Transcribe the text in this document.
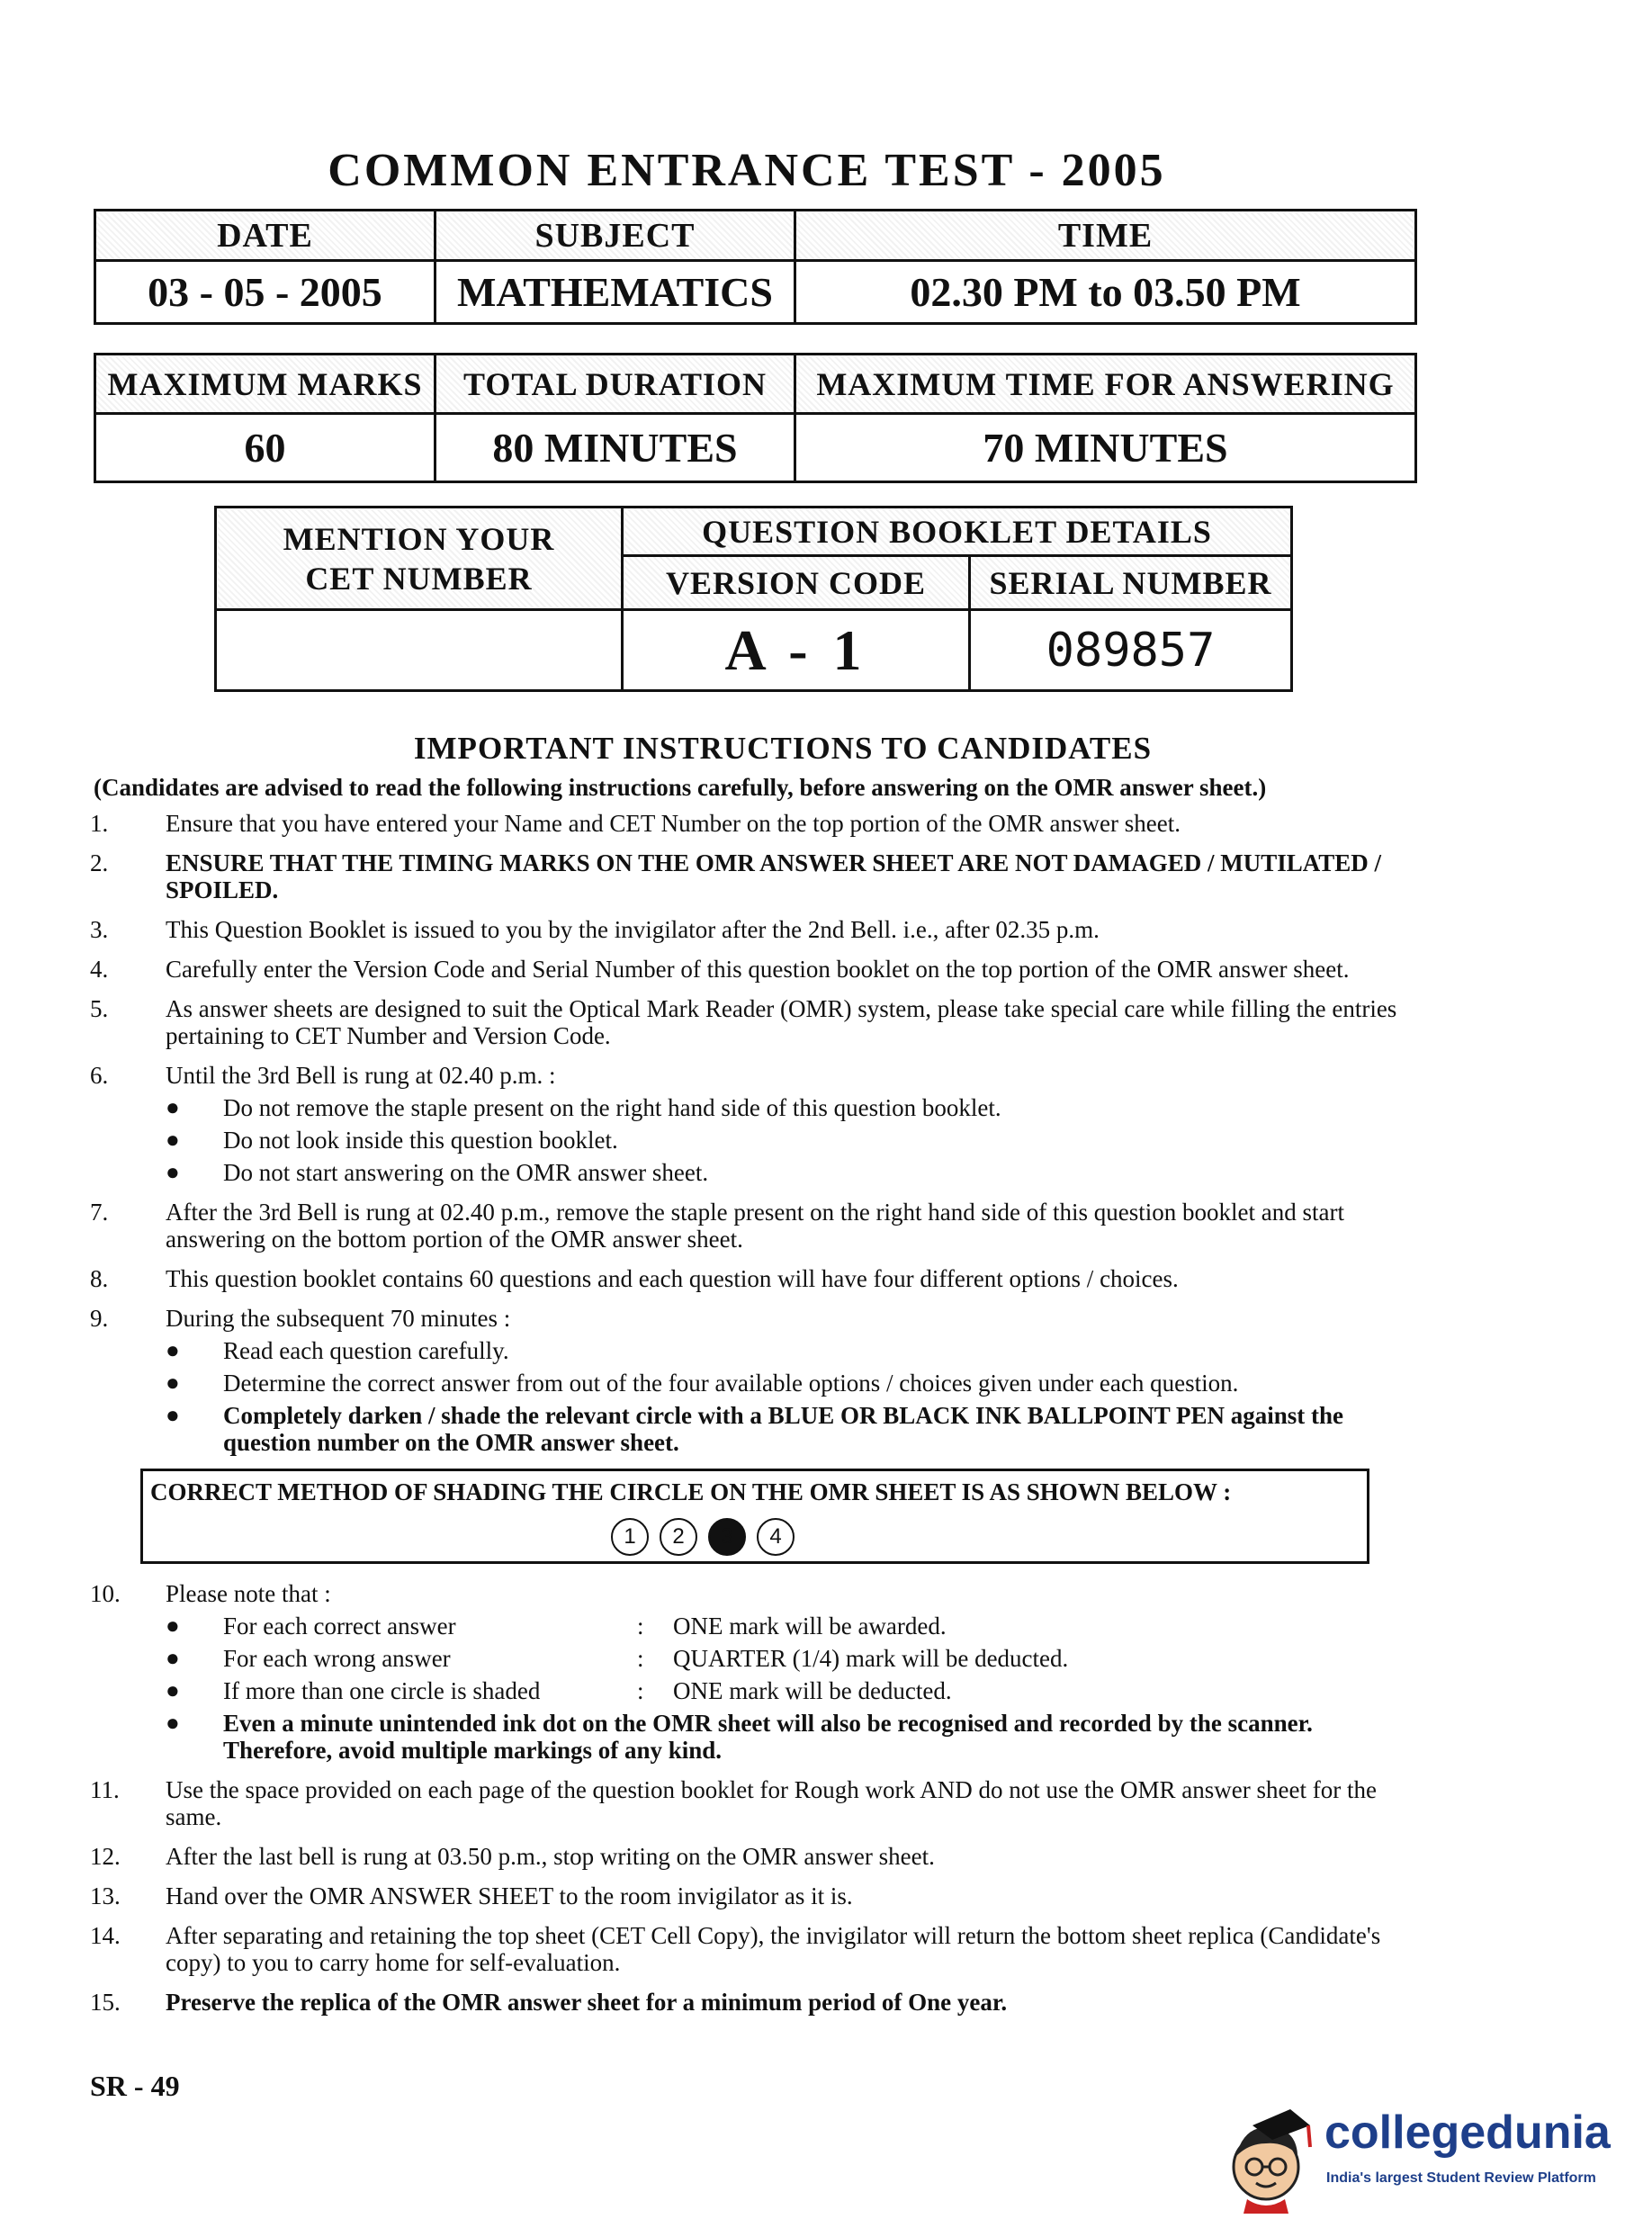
COMMON ENTRANCE TEST - 2005
DATE	SUBJECT	TIME
03 - 05 - 2005	MATHEMATICS	02.30 PM to 03.50 PM
MAXIMUM MARKS	TOTAL DURATION	MAXIMUM TIME FOR ANSWERING
60	80 MINUTES	70 MINUTES
MENTION YOUR CET NUMBER	QUESTION BOOKLET DETAILS	
	VERSION CODE	SERIAL NUMBER

	A - 1	089857
IMPORTANT INSTRUCTIONS TO CANDIDATES
(Candidates are advised to read the following instructions carefully, before answering on the OMR answer sheet.)
1.	Ensure that you have entered your Name and CET Number on the top portion of the OMR answer sheet.
2.	ENSURE THAT THE TIMING MARKS ON THE OMR ANSWER SHEET ARE NOT DAMAGED / MUTILATED / SPOILED.
3.	This Question Booklet is issued to you by the invigilator after the 2nd Bell. i.e., after 02.35 p.m.
4.	Carefully enter the Version Code and Serial Number of this question booklet on the top portion of the OMR answer sheet.
5.	As answer sheets are designed to suit the Optical Mark Reader (OMR) system, please take special care while filling the entries pertaining to CET Number and Version Code.
6.	Until the 3rd Bell is rung at 02.40 p.m. :
●	Do not remove the staple present on the right hand side of this question booklet.
●	Do not look inside this question booklet.
●	Do not start answering on the OMR answer sheet.
7.	After the 3rd Bell is rung at 02.40 p.m., remove the staple present on the right hand side of this question booklet and start answering on the bottom portion of the OMR answer sheet.
8.	This question booklet contains 60 questions and each question will have four different options / choices.
9.	During the subsequent 70 minutes :
●	Read each question carefully.
●	Determine the correct answer from out of the four available options / choices given under each question.
●	Completely darken / shade the relevant circle with a BLUE OR BLACK INK BALLPOINT PEN against the question number on the OMR answer sheet.
CORRECT METHOD OF SHADING THE CIRCLE ON THE OMR SHEET IS AS SHOWN BELOW :
1	2	3	4
10.	Please note that :
●	For each correct answer	:	ONE mark will be awarded.
●	For each wrong answer	:	QUARTER (1/4) mark will be deducted.
●	If more than one circle is shaded	:	ONE mark will be deducted.
●	Even a minute unintended ink dot on the OMR sheet will also be recognised and recorded by the scanner. Therefore, avoid multiple markings of any kind.
11.	Use the space provided on each page of the question booklet for Rough work AND do not use the OMR answer sheet for the same.
12.	After the last bell is rung at 03.50 p.m., stop writing on the OMR answer sheet.
13.	Hand over the OMR ANSWER SHEET to the room invigilator as it is.
14.	After separating and retaining the top sheet (CET Cell Copy), the invigilator will return the bottom sheet replica (Candidate's copy) to you to carry home for self-evaluation.
15.	Preserve the replica of the OMR answer sheet for a minimum period of One year.
SR - 49
collegedunia
India's largest Student Review Platform
